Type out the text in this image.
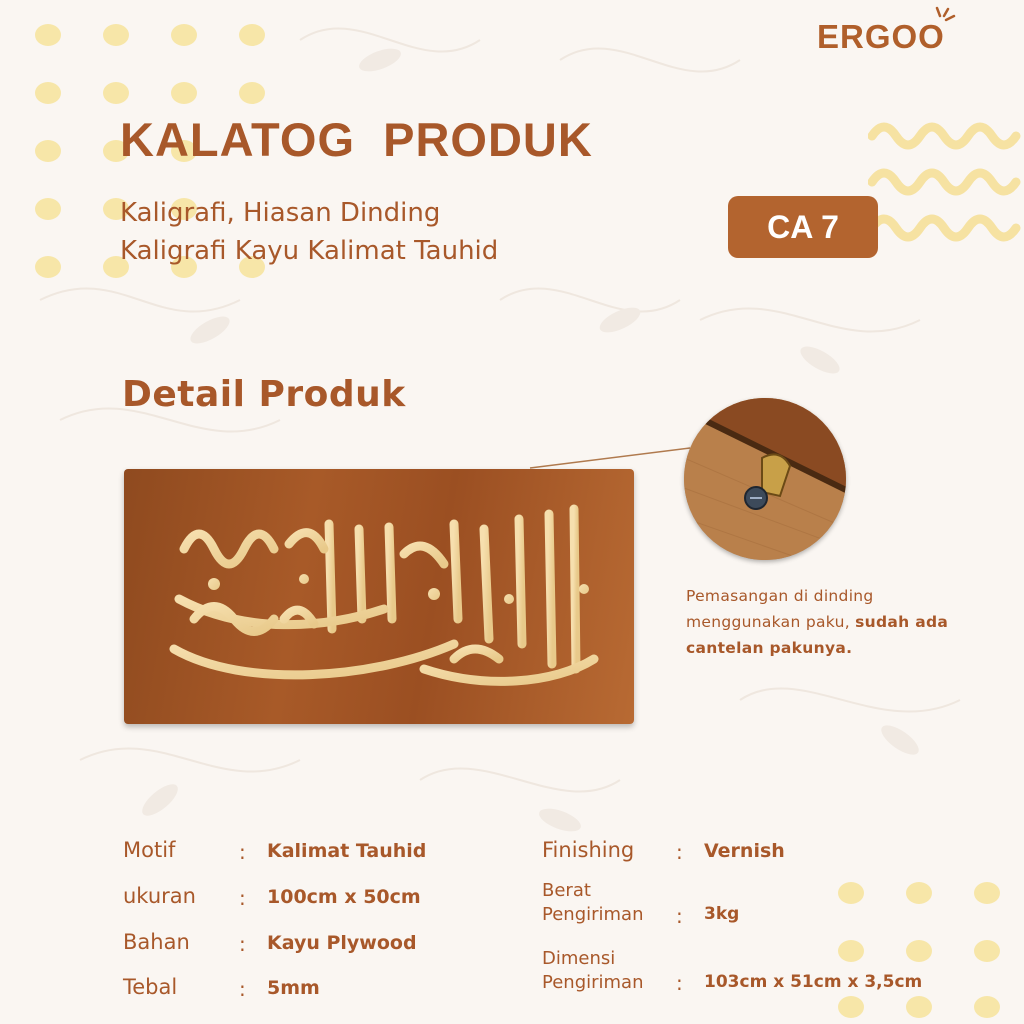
ERGOO
KALATOG  PRODUK
Kaligrafi, Hiasan Dinding
Kaligrafi Kayu Kalimat Tauhid
CA 7
Detail Produk
Pemasangan di dinding menggunakan paku, sudah ada cantelan pakunya.
Motif	: Kalimat Tauhid
ukuran : 100cm x 50cm
Bahan : Kayu Plywood
Tebal	: 5mm
Finishing : Vernish
Berat
Pengiriman : 3kg
Dimensi
Pengiriman : 103cm x 51cm x 3,5cm
